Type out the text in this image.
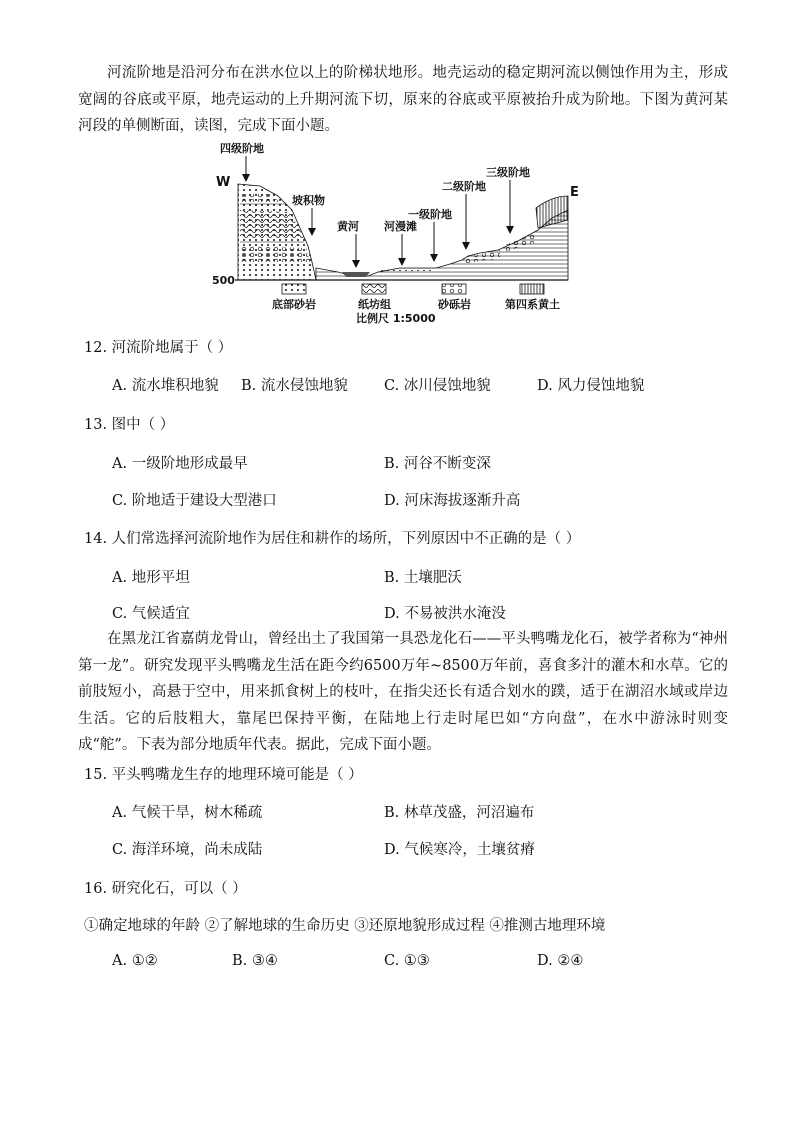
河流阶地是沿河分布在洪水位以上的阶梯状地形。地壳运动的稳定期河流以侧蚀作用为主，形成宽阔的谷底或平原，地壳运动的上升期河流下切，原来的谷底或平原被抬升成为阶地。下图为黄河某河段的单侧断面，读图，完成下面小题。

500
四级阶地
W
坡积物
黄河 河漫滩
一级阶地
二级阶地
三级阶地
E
底部砂岩	纸坊组	砂砾岩	第四系黄土
比例尺 1:5000

12. 河流阶地属于（ ）

A. 流水堆积地貌 B. 流水侵蚀地貌 C. 冰川侵蚀地貌	D. 风力侵蚀地貌

13. 图中（ ）

A. 一级阶地形成最早	B. 河谷不断变深

C. 阶地适于建设大型港口	D. 河床海拔逐渐升高

14. 人们常选择河流阶地作为居住和耕作的场所，下列原因中不正确的是（ ）

A. 地形平坦	B. 土壤肥沃

C. 气候适宜	D. 不易被洪水淹没

在黑龙江省嘉荫龙骨山，曾经出土了我国第一具恐龙化石——平头鸭嘴龙化石，被学者称为“神州第一龙”。研究发现平头鸭嘴龙生活在距今约6500万年~8500万年前，喜食多汁的灌木和水草。它的前肢短小，高悬于空中，用来抓食树上的枝叶，在指尖还长有适合划水的蹼，适于在湖沼水域或岸边生活。它的后肢粗大，靠尾巴保持平衡，在陆地上行走时尾巴如“方向盘”，在水中游泳时则变成“舵”。下表为部分地质年代表。据此，完成下面小题。

15. 平头鸭嘴龙生存的地理环境可能是（ ）

A. 气候干旱，树木稀疏	B. 林草茂盛，河沼遍布

C. 海洋环境，尚未成陆	D. 气候寒冷，土壤贫瘠

16. 研究化石，可以（ ）

①确定地球的年龄 ②了解地球的生命历史 ③还原地貌形成过程 ④推测古地理环境

A. ①②	B. ③④	C. ①③	D. ②④
